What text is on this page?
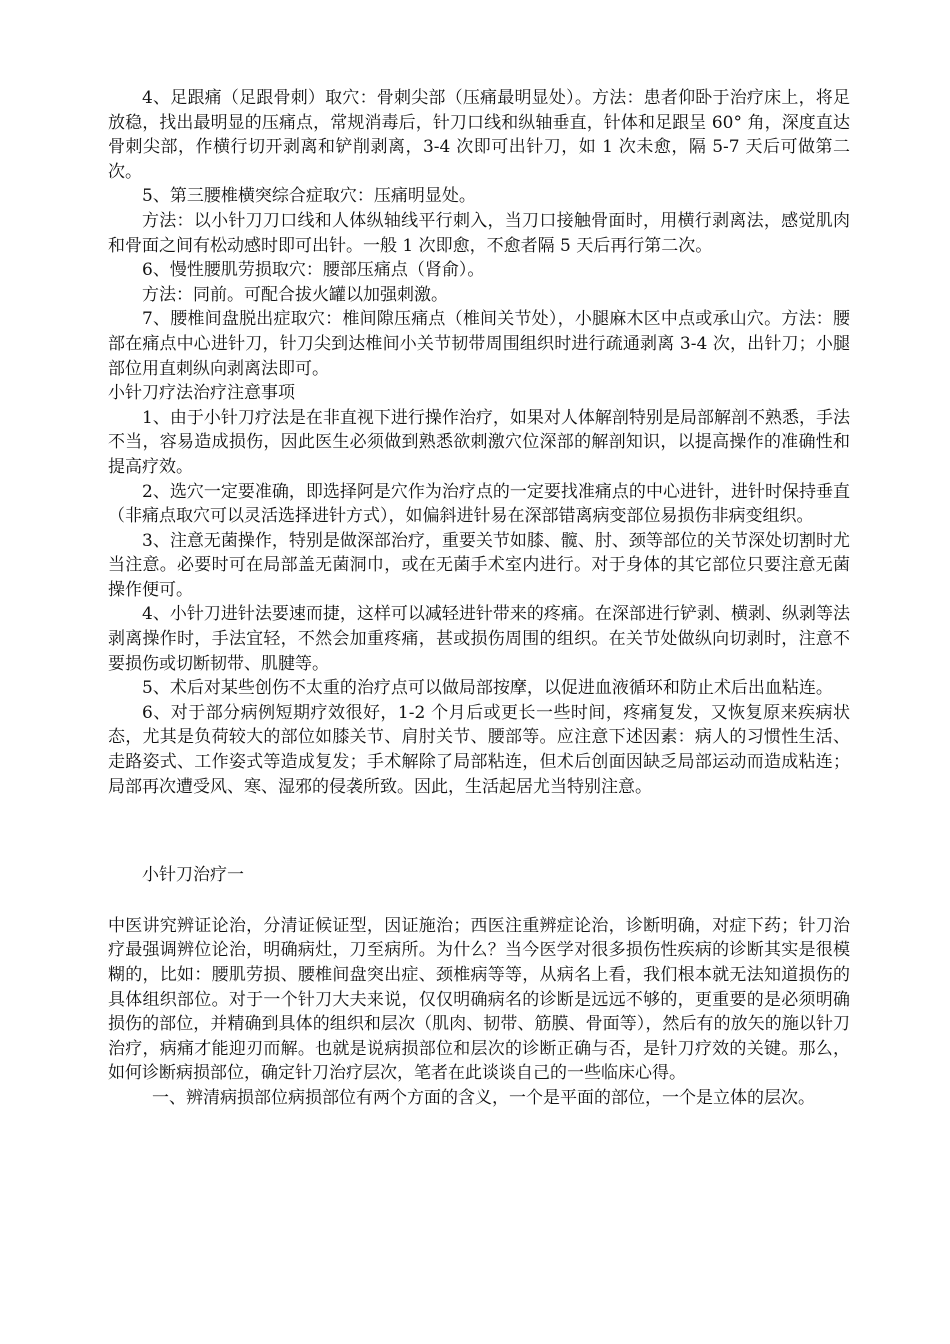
4、足跟痛（足跟骨刺）取穴：骨刺尖部（压痛最明显处）。方法：患者仰卧于治疗床上，将足放稳，找出最明显的压痛点，常规消毒后，针刀口线和纵轴垂直，针体和足跟呈 60° 角，深度直达骨刺尖部，作横行切开剥离和铲削剥离，3-4 次即可出针刀，如 1 次未愈，隔 5-7 天后可做第二次。

5、第三腰椎横突综合症取穴：压痛明显处。

方法：以小针刀刀口线和人体纵轴线平行刺入，当刀口接触骨面时，用横行剥离法，感觉肌肉和骨面之间有松动感时即可出针。一般 1 次即愈，不愈者隔 5 天后再行第二次。

6、慢性腰肌劳损取穴：腰部压痛点（肾俞）。

方法：同前。可配合拔火罐以加强刺激。

7、腰椎间盘脱出症取穴：椎间隙压痛点（椎间关节处），小腿麻木区中点或承山穴。方法：腰部在痛点中心进针刀，针刀尖到达椎间小关节韧带周围组织时进行疏通剥离 3-4 次，出针刀；小腿部位用直刺纵向剥离法即可。

小针刀疗法治疗注意事项

1、由于小针刀疗法是在非直视下进行操作治疗，如果对人体解剖特别是局部解剖不熟悉，手法不当，容易造成损伤，因此医生必须做到熟悉欲刺激穴位深部的解剖知识，以提高操作的准确性和提高疗效。

2、选穴一定要准确，即选择阿是穴作为治疗点的一定要找准痛点的中心进针，进针时保持垂直（非痛点取穴可以灵活选择进针方式），如偏斜进针易在深部错离病变部位易损伤非病变组织。

3、注意无菌操作，特别是做深部治疗，重要关节如膝、髋、肘、颈等部位的关节深处切割时尤当注意。必要时可在局部盖无菌洞巾，或在无菌手术室内进行。对于身体的其它部位只要注意无菌操作便可。

4、小针刀进针法要速而捷，这样可以减轻进针带来的疼痛。在深部进行铲剥、横剥、纵剥等法剥离操作时，手法宜轻，不然会加重疼痛，甚或损伤周围的组织。在关节处做纵向切剥时，注意不要损伤或切断韧带、肌腱等。

5、术后对某些创伤不太重的治疗点可以做局部按摩，以促进血液循环和防止术后出血粘连。

6、对于部分病例短期疗效很好，1-2 个月后或更长一些时间，疼痛复发，又恢复原来疾病状态，尤其是负荷较大的部位如膝关节、肩肘关节、腰部等。应注意下述因素：病人的习惯性生活、走路姿式、工作姿式等造成复发；手术解除了局部粘连，但术后创面因缺乏局部运动而造成粘连；局部再次遭受风、寒、湿邪的侵袭所致。因此，生活起居尤当特别注意。

小针刀治疗一

中医讲究辨证论治，分清证候证型，因证施治；西医注重辨症论治，诊断明确，对症下药；针刀治疗最强调辨位论治，明确病灶，刀至病所。为什么？当今医学对很多损伤性疾病的诊断其实是很模糊的，比如：腰肌劳损、腰椎间盘突出症、颈椎病等等，从病名上看，我们根本就无法知道损伤的具体组织部位。对于一个针刀大夫来说，仅仅明确病名的诊断是远远不够的，更重要的是必须明确损伤的部位，并精确到具体的组织和层次（肌肉、韧带、筋膜、骨面等），然后有的放矢的施以针刀治疗，病痛才能迎刃而解。也就是说病损部位和层次的诊断正确与否，是针刀疗效的关键。那么，如何诊断病损部位，确定针刀治疗层次，笔者在此谈谈自己的一些临床心得。

一、辨清病损部位病损部位有两个方面的含义，一个是平面的部位，一个是立体的层次。
